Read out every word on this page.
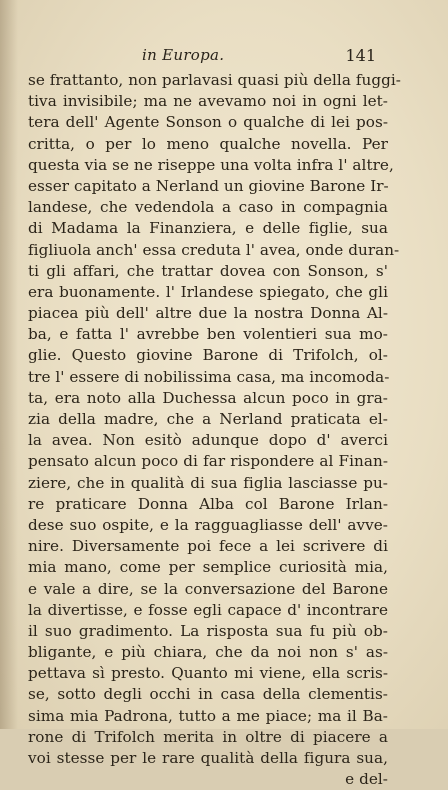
in Europa.	141
se frattanto, non parlavasi quasi più della fuggi-
tiva invisibile; ma ne avevamo noi in ogni let-
tera dell' Agente Sonson o qualche di lei pos-
critta, o per lo meno qualche novella. Per
questa via se ne riseppe una volta infra l' altre,
esser capitato a Nerland un giovine Barone Ir-
landese, che vedendola a caso in compagnia
di Madama la Finanziera, e delle figlie, sua
figliuola anch' essa creduta l' avea, onde duran-
ti gli affari, che trattar dovea con Sonson, s'
era buonamente. l' Irlandese spiegato, che gli
piacea più dell' altre due la nostra Donna Al-
ba, e fatta l' avrebbe ben volentieri sua mo-
glie. Questo giovine Barone di Trifolch, ol-
tre l' essere di nobilissima casa, ma incomoda-
ta, era noto alla Duchessa alcun poco in gra-
zia della madre, che a Nerland praticata el-
la avea. Non esitò adunque dopo d' averci
pensato alcun poco di far rispondere al Finan-
ziere, che in qualità di sua figlia lasciasse pu-
re praticare Donna Alba col Barone Irlan-
dese suo ospite, e la ragguagliasse dell' avve-
nire. Diversamente poi fece a lei scrivere di
mia mano, come per semplice curiosità mia,
e vale a dire, se la conversazione del Barone
la divertisse, e fosse egli capace d' incontrare
il suo gradimento. La risposta sua fu più ob-
bligante, e più chiara, che da noi non s' as-
pettava sì presto. Quanto mi viene, ella scris-
se, sotto degli occhi in casa della clementis-
sima mia Padrona, tutto a me piace; ma il Ba-
rone di Trifolch merita in oltre di piacere a
voi stesse per le rare qualità della figura sua,
e del-
